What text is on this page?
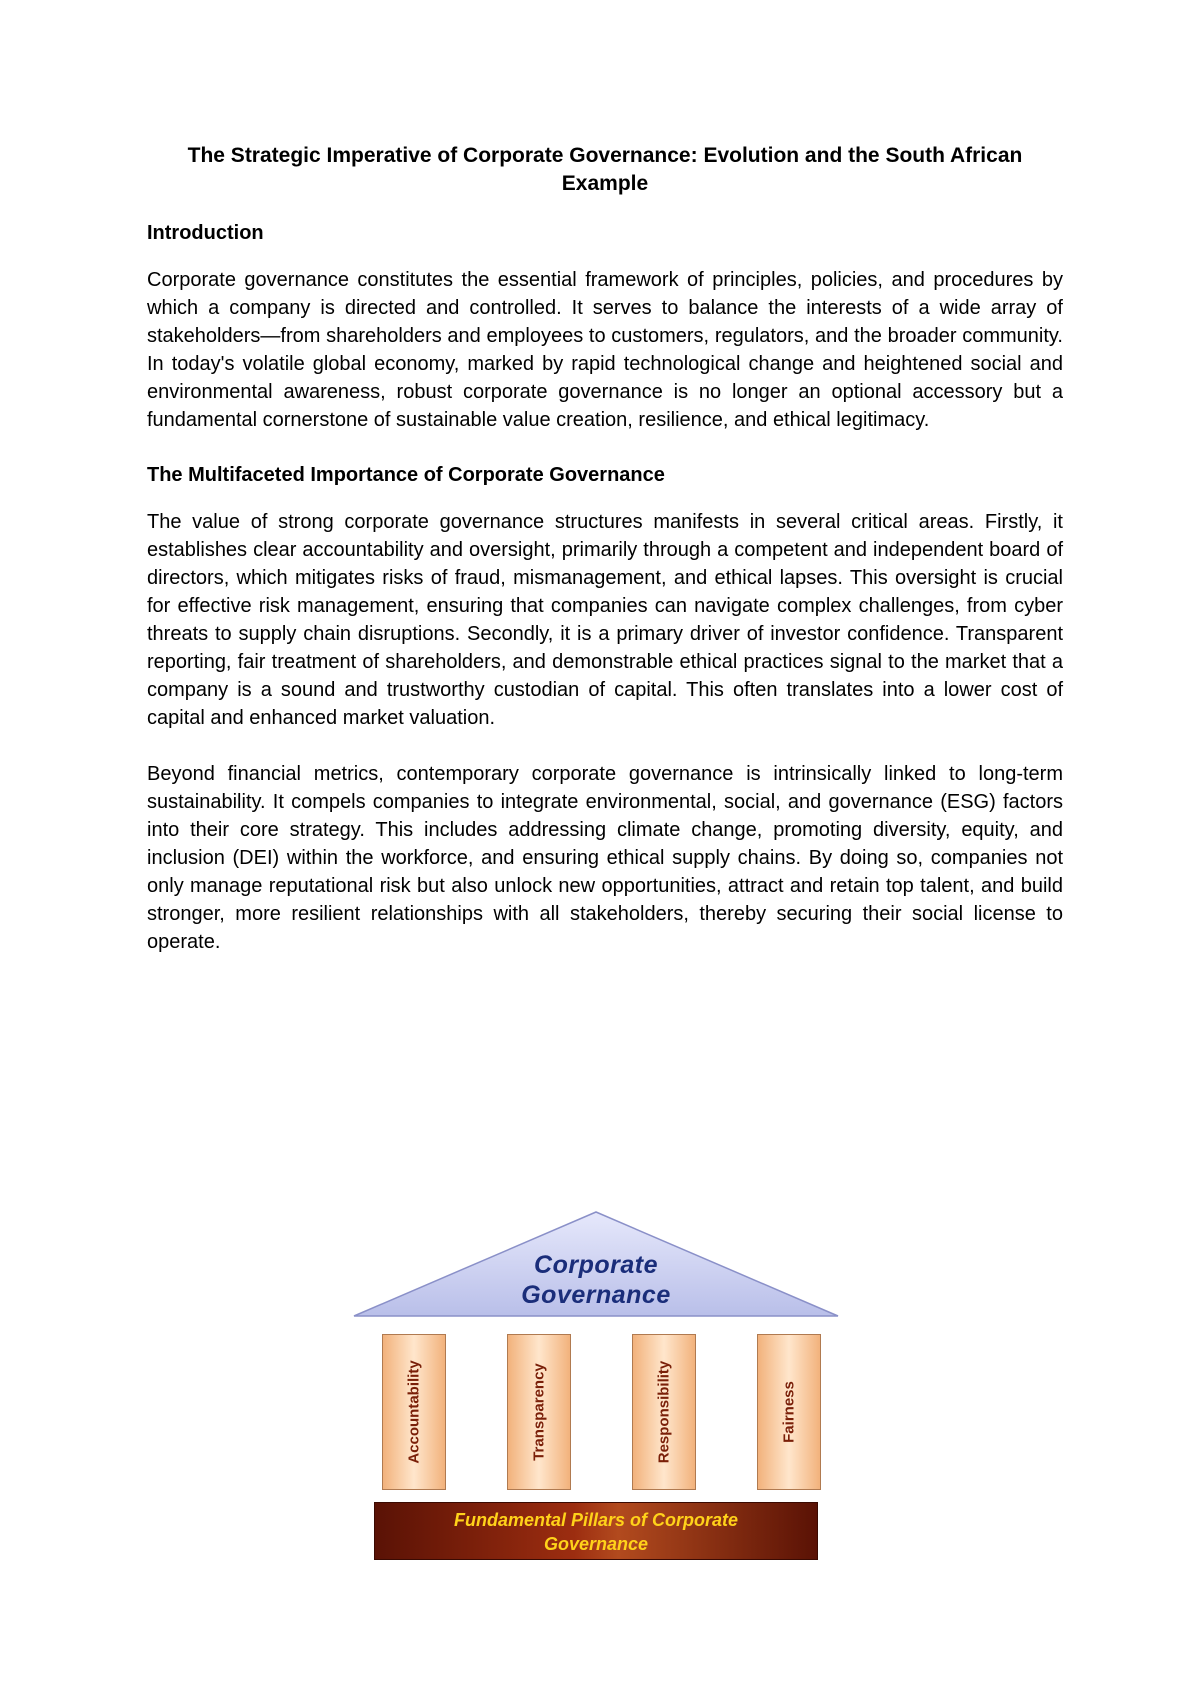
The Strategic Imperative of Corporate Governance: Evolution and the South African Example
Introduction

Corporate governance constitutes the essential framework of principles, policies, and procedures by which a company is directed and controlled. It serves to balance the interests of a wide array of stakeholders—from shareholders and employees to customers, regulators, and the broader community. In today's volatile global economy, marked by rapid technological change and heightened social and environmental awareness, robust corporate governance is no longer an optional accessory but a fundamental cornerstone of sustainable value creation, resilience, and ethical legitimacy.

The Multifaceted Importance of Corporate Governance

The value of strong corporate governance structures manifests in several critical areas. Firstly, it establishes clear accountability and oversight, primarily through a competent and independent board of directors, which mitigates risks of fraud, mismanagement, and ethical lapses. This oversight is crucial for effective risk management, ensuring that companies can navigate complex challenges, from cyber threats to supply chain disruptions. Secondly, it is a primary driver of investor confidence. Transparent reporting, fair treatment of shareholders, and demonstrable ethical practices signal to the market that a company is a sound and trustworthy custodian of capital. This often translates into a lower cost of capital and enhanced market valuation.

Beyond financial metrics, contemporary corporate governance is intrinsically linked to long-term sustainability. It compels companies to integrate environmental, social, and governance (ESG) factors into their core strategy. This includes addressing climate change, promoting diversity, equity, and inclusion (DEI) within the workforce, and ensuring ethical supply chains. By doing so, companies not only manage reputational risk but also unlock new opportunities, attract and retain top talent, and build stronger, more resilient relationships with all stakeholders, thereby securing their social license to operate.

Corporate
Governance
Accountability	Transparency	Responsibility	Fairness
Fundamental Pillars of Corporate
Governance
